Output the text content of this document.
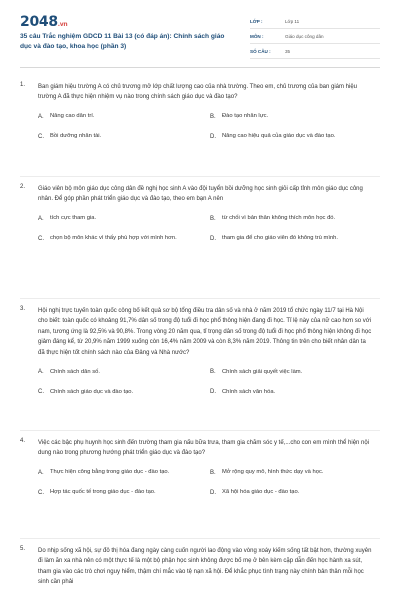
2048.vn
35 câu Trắc nghiệm GDCD 11 Bài 13 (có đáp án): Chính sách giáo dục và đào tạo, khoa học (phần 3)
LỚP :	Lớp 11
MÔN :	Giáo dục công dân
SỐ CÂU :	35
1.	Ban giám hiệu trường A có chủ trương mở lớp chất lượng cao của nhà trường. Theo em, chủ trương của ban giám hiệu trường A đã thực hiện nhiệm vụ nào trong chính sách giáo dục và đào tạo?
A.	Nâng cao dân trí.	B.	Đào tạo nhân lực.
C.	Bồi dưỡng nhân tài.	D.	Nâng cao hiệu quả của giáo dục và đào tạo.
2.	Giáo viên bộ môn giáo dục công dân đề nghị học sinh A vào đội tuyển bồi dưỡng học sinh giỏi cấp tỉnh môn giáo dục công nhân. Để góp phần phát triển giáo dục và đào tạo, theo em bạn A nên
A.	tích cực tham gia.	B.	từ chối vì bản thân không thích môn học đó.
C.	chọn bộ môn khác vì thấy phù hợp với mình hơn.	D.	tham gia để cho giáo viên đó không trù mình.
3.	Hội nghị trực tuyến toàn quốc công bố kết quả sơ bộ tổng điều tra dân số và nhà ở năm 2019 tổ chức ngày 11/7 tại Hà Nội cho biết: toàn quốc có khoảng 91,7% dân số trong độ tuổi đi học phổ thông hiện đang đi học. Tỉ lệ này của nữ cao hơn so với nam, tương ứng là 92,5% và 90,8%. Trong vòng 20 năm qua, tỉ trọng dân số trong độ tuổi đi học phổ thông hiện không đi học giảm đáng kể, từ 20,9% năm 1999 xuống còn 16,4% năm 2009 và còn 8,3% năm 2019. Thông tin trên cho biết nhân dân ta đã thực hiện tốt chính sách nào của Đảng và Nhà nước?
A.	Chính sách dân số.	B.	Chính sách giải quyết việc làm.
C.	Chính sách giáo dục và đào tạo.	D.	Chính sách văn hóa.
4.	Việc các bậc phụ huynh học sinh đến trường tham gia nấu bữa trưa, tham gia chăm sóc y tế,...cho con em mình thể hiện nội dung nào trong phương hướng phát triển giáo dục và đào tạo?
A.	Thực hiện công bằng trong giáo dục - đào tạo.	B.	Mở rộng quy mô, hình thức dạy và học.
C.	Hợp tác quốc tế trong giáo dục - đào tạo.	D.	Xã hội hóa giáo dục - đào tạo.
5.	Do nhịp sống xã hội, sự đô thị hóa đang ngày càng cuốn người lao động vào vòng xoáy kiếm sống tất bật hơn, thường xuyên đi làm ăn xa nhà nên có một thực tế là một bộ phận học sinh không được bố mẹ ở bên kèm cặp dẫn đến học hành xa sút, tham gia vào các trò chơi nguy hiểm, thậm chí mắc vào tệ nạn xã hội. Để khắc phục tình trạng này chính bản thân mỗi học sinh cần phải
